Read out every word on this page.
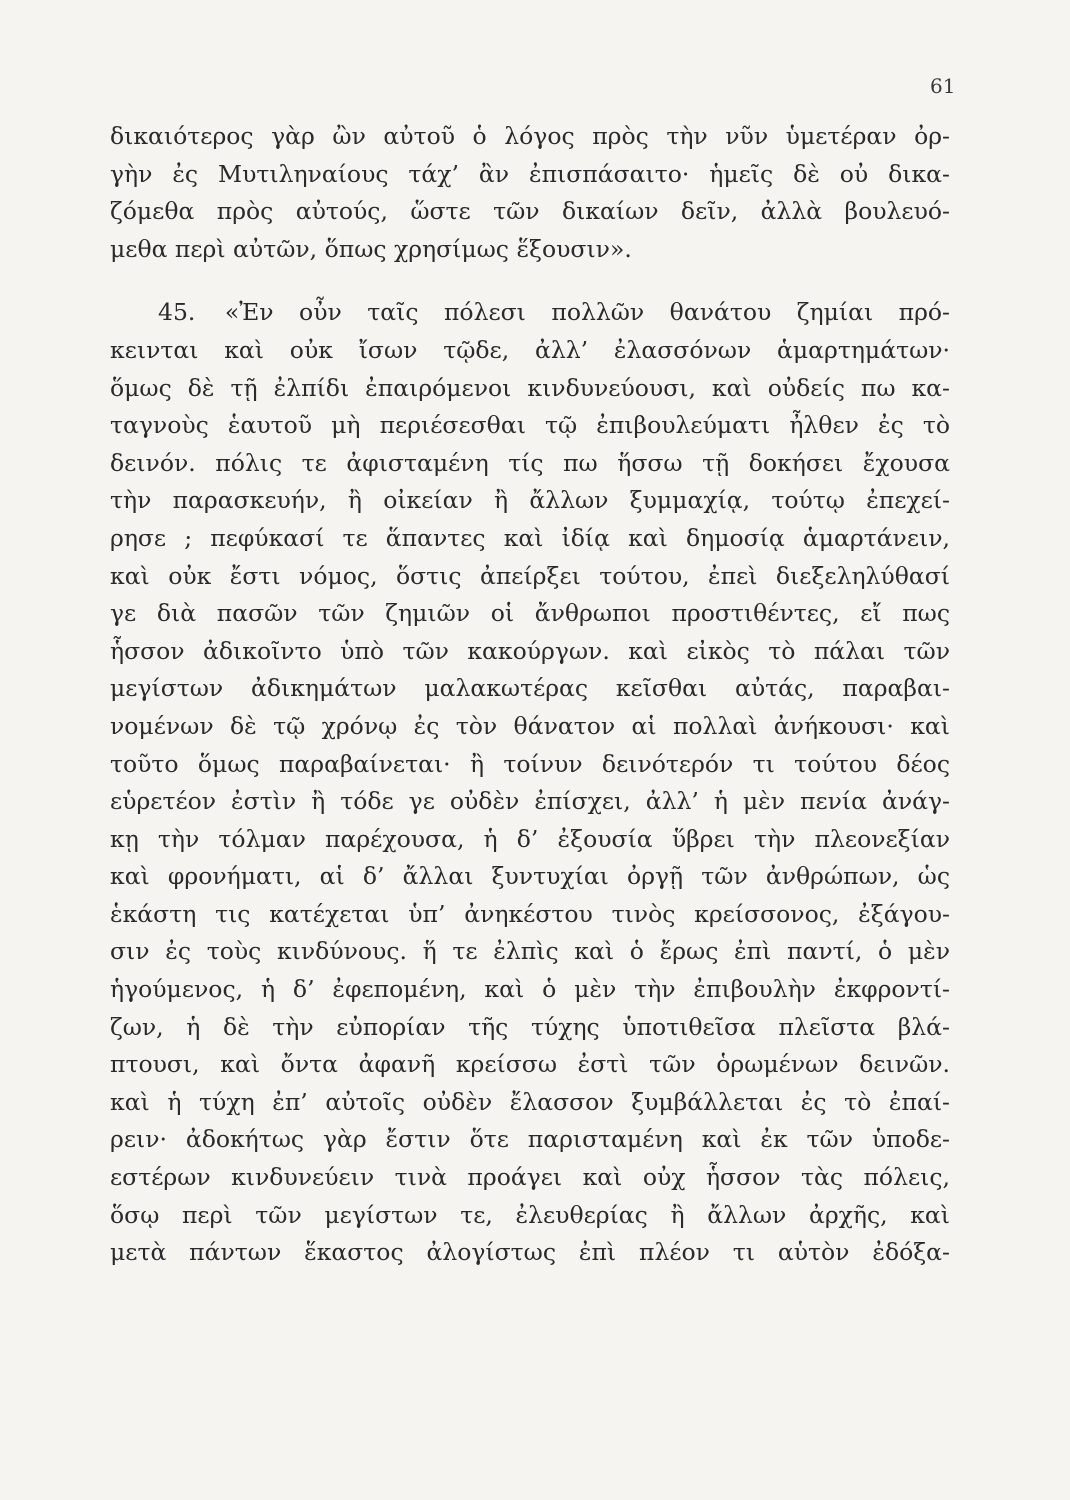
61
δικαιότερος γὰρ ὢν αὐτοῦ ὁ λόγος πρὸς τὴν νῦν ὑμετέραν ὀρ-
γὴν ἐς Μυτιληναίους τάχ’ ἂν ἐπισπάσαιτο· ἡμεῖς δὲ οὐ δικα-
ζόμεθα πρὸς αὐτούς, ὥστε τῶν δικαίων δεῖν, ἀλλὰ βουλευό-
μεθα περὶ αὐτῶν, ὅπως χρησίμως ἕξουσιν».
45. «Ἐν οὖν ταῖς πόλεσι πολλῶν θανάτου ζημίαι πρό-
κεινται καὶ οὐκ ἴσων τῷδε, ἀλλ’ ἐλασσόνων ἁμαρτημάτων·
ὅμως δὲ τῇ ἐλπίδι ἐπαιρόμενοι κινδυνεύουσι, καὶ οὐδείς πω κα-
ταγνοὺς ἑαυτοῦ μὴ περιέσεσθαι τῷ ἐπιβουλεύματι ἦλθεν ἐς τὸ
δεινόν. πόλις τε ἀφισταμένη τίς πω ἥσσω τῇ δοκήσει ἔχουσα
τὴν παρασκευήν, ἢ οἰκείαν ἢ ἄλλων ξυμμαχίᾳ, τούτῳ ἐπεχεί-
ρησε ; πεφύκασί τε ἅπαντες καὶ ἰδίᾳ καὶ δημοσίᾳ ἁμαρτάνειν,
καὶ οὐκ ἔστι νόμος, ὅστις ἀπείρξει τούτου, ἐπεὶ διεξεληλύθασί
γε διὰ πασῶν τῶν ζημιῶν οἱ ἄνθρωποι προστιθέντες, εἴ πως
ἧσσον ἀδικοῖντο ὑπὸ τῶν κακούργων. καὶ εἰκὸς τὸ πάλαι τῶν
μεγίστων ἀδικημάτων μαλακωτέρας κεῖσθαι αὐτάς, παραβαι-
νομένων δὲ τῷ χρόνῳ ἐς τὸν θάνατον αἱ πολλαὶ ἀνήκουσι· καὶ
τοῦτο ὅμως παραβαίνεται· ἢ τοίνυν δεινότερόν τι τούτου δέος
εὑρετέον ἐστὶν ἢ τόδε γε οὐδὲν ἐπίσχει, ἀλλ’ ἡ μὲν πενία ἀνάγ-
κῃ τὴν τόλμαν παρέχουσα, ἡ δ’ ἐξουσία ὕβρει τὴν πλεονεξίαν
καὶ φρονήματι, αἱ δ’ ἄλλαι ξυντυχίαι ὀργῇ τῶν ἀνθρώπων, ὡς
ἑκάστη τις κατέχεται ὑπ’ ἀνηκέστου τινὸς κρείσσονος, ἐξάγου-
σιν ἐς τοὺς κινδύνους. ἥ τε ἐλπὶς καὶ ὁ ἔρως ἐπὶ παντί, ὁ μὲν
ἡγούμενος, ἡ δ’ ἐφεπομένη, καὶ ὁ μὲν τὴν ἐπιβουλὴν ἐκφροντί-
ζων, ἡ δὲ τὴν εὐπορίαν τῆς τύχης ὑποτιθεῖσα πλεῖστα βλά-
πτουσι, καὶ ὄντα ἀφανῆ κρείσσω ἐστὶ τῶν ὁρωμένων δεινῶν.
καὶ ἡ τύχη ἐπ’ αὐτοῖς οὐδὲν ἔλασσον ξυμβάλλεται ἐς τὸ ἐπαί-
ρειν· ἀδοκήτως γὰρ ἔστιν ὅτε παρισταμένη καὶ ἐκ τῶν ὑποδε-
εστέρων κινδυνεύειν τινὰ προάγει καὶ οὐχ ἧσσον τὰς πόλεις,
ὅσῳ περὶ τῶν μεγίστων τε, ἐλευθερίας ἢ ἄλλων ἀρχῆς, καὶ
μετὰ πάντων ἕκαστος ἀλογίστως ἐπὶ πλέον τι αὑτὸν ἐδόξα-
